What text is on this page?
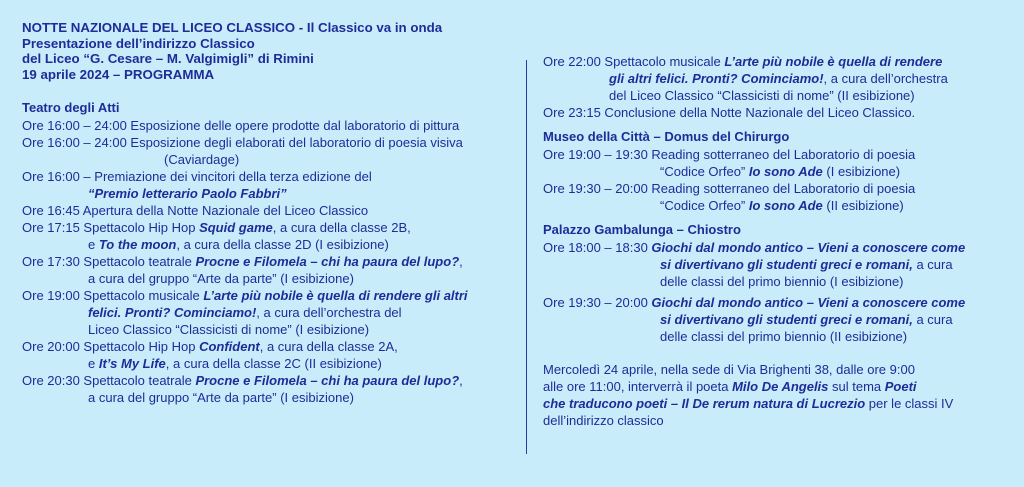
NOTTE NAZIONALE DEL LICEO CLASSICO - Il Classico va in onda
Presentazione dell’indirizzo Classico
del Liceo “G. Cesare – M. Valgimigli” di Rimini
19 aprile 2024 – PROGRAMMA
Teatro degli Atti
Ore 16:00 – 24:00 Esposizione delle opere prodotte dal laboratorio di pittura
Ore 16:00 – 24:00 Esposizione degli elaborati del laboratorio di poesia visiva
(Caviardage)
Ore 16:00 – Premiazione dei vincitori della terza edizione del
“Premio letterario Paolo Fabbri”
Ore 16:45 Apertura della Notte Nazionale del Liceo Classico
Ore 17:15 Spettacolo Hip Hop Squid game, a cura della classe 2B,
e To the moon, a cura della classe 2D (I esibizione)
Ore 17:30 Spettacolo teatrale Procne e Filomela – chi ha paura del lupo?,
a cura del gruppo “Arte da parte” (I esibizione)
Ore 19:00 Spettacolo musicale L’arte più nobile è quella di rendere gli altri
felici. Pronti? Cominciamo!, a cura dell’orchestra del
Liceo Classico “Classicisti di nome” (I esibizione)
Ore 20:00 Spettacolo Hip Hop Confident, a cura della classe 2A,
e It’s My Life, a cura della classe 2C (II esibizione)
Ore 20:30 Spettacolo teatrale Procne e Filomela – chi ha paura del lupo?,
a cura del gruppo “Arte da parte” (I esibizione)
Ore 22:00 Spettacolo musicale L’arte più nobile è quella di rendere
gli altri felici. Pronti? Cominciamo!, a cura dell’orchestra
del Liceo Classico “Classicisti di nome” (II esibizione)
Ore 23:15 Conclusione della Notte Nazionale del Liceo Classico.
Museo della Città – Domus del Chirurgo
Ore 19:00 – 19:30 Reading sotterraneo del Laboratorio di poesia
“Codice Orfeo” Io sono Ade (I esibizione)
Ore 19:30 – 20:00 Reading sotterraneo del Laboratorio di poesia
“Codice Orfeo” Io sono Ade (II esibizione)
Palazzo Gambalunga – Chiostro
Ore 18:00 – 18:30 Giochi dal mondo antico – Vieni a conoscere come
si divertivano gli studenti greci e romani, a cura
delle classi del primo biennio (I esibizione)
Ore 19:30 – 20:00 Giochi dal mondo antico – Vieni a conoscere come
si divertivano gli studenti greci e romani, a cura
delle classi del primo biennio (II esibizione)
Mercoledì 24 aprile, nella sede di Via Brighenti 38, dalle ore 9:00
alle ore 11:00, interverrà il poeta Milo De Angelis sul tema Poeti
che traducono poeti – Il De rerum natura di Lucrezio per le classi IV
dell’indirizzo classico
